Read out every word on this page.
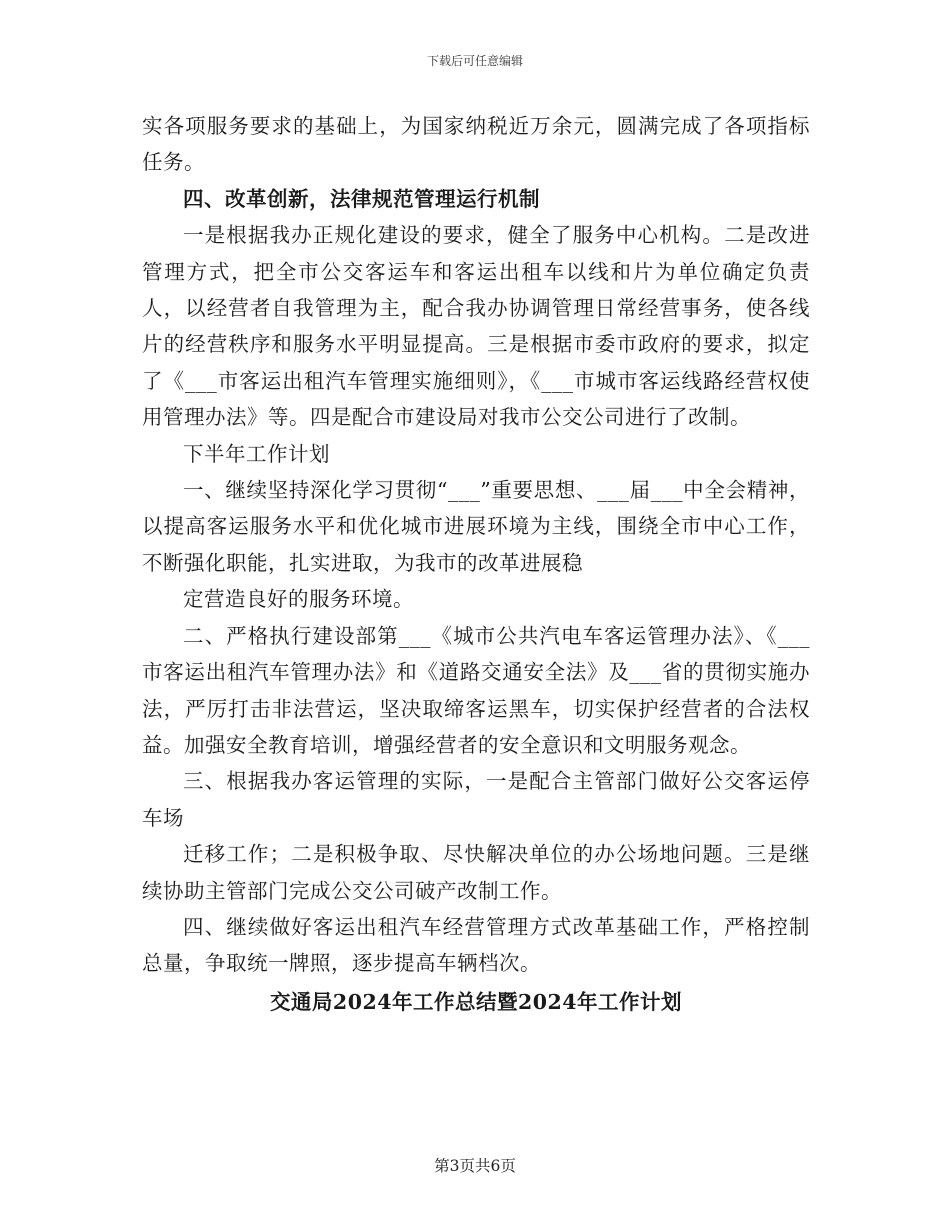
下载后可任意编辑

实各项服务要求的基础上，为国家纳税近万余元，圆满完成了各项指标任务。

四、改革创新，法律规范管理运行机制

一是根据我办正规化建设的要求，健全了服务中心机构。二是改进管理方式，把全市公交客运车和客运出租车以线和片为单位确定负责人，以经营者自我管理为主，配合我办协调管理日常经营事务，使各线片的经营秩序和服务水平明显提高。三是根据市委市政府的要求，拟定了《___市客运出租汽车管理实施细则》，《___市城市客运线路经营权使用管理办法》等。四是配合市建设局对我市公交公司进行了改制。

下半年工作计划

一、继续坚持深化学习贯彻“___”重要思想、___届___中全会精神，以提高客运服务水平和优化城市进展环境为主线，围绕全市中心工作，不断强化职能，扎实进取，为我市的改革进展稳

定营造良好的服务环境。

二、严格执行建设部第___《城市公共汽电车客运管理办法》、《___市客运出租汽车管理办法》和《道路交通安全法》及___省的贯彻实施办法，严厉打击非法营运，坚决取缔客运黑车，切实保护经营者的合法权益。加强安全教育培训，增强经营者的安全意识和文明服务观念。

三、根据我办客运管理的实际，一是配合主管部门做好公交客运停车场

迁移工作；二是积极争取、尽快解决单位的办公场地问题。三是继续协助主管部门完成公交公司破产改制工作。

四、继续做好客运出租汽车经营管理方式改革基础工作，严格控制总量，争取统一牌照，逐步提高车辆档次。

交通局2024年工作总结暨2024年工作计划

第3页共6页
